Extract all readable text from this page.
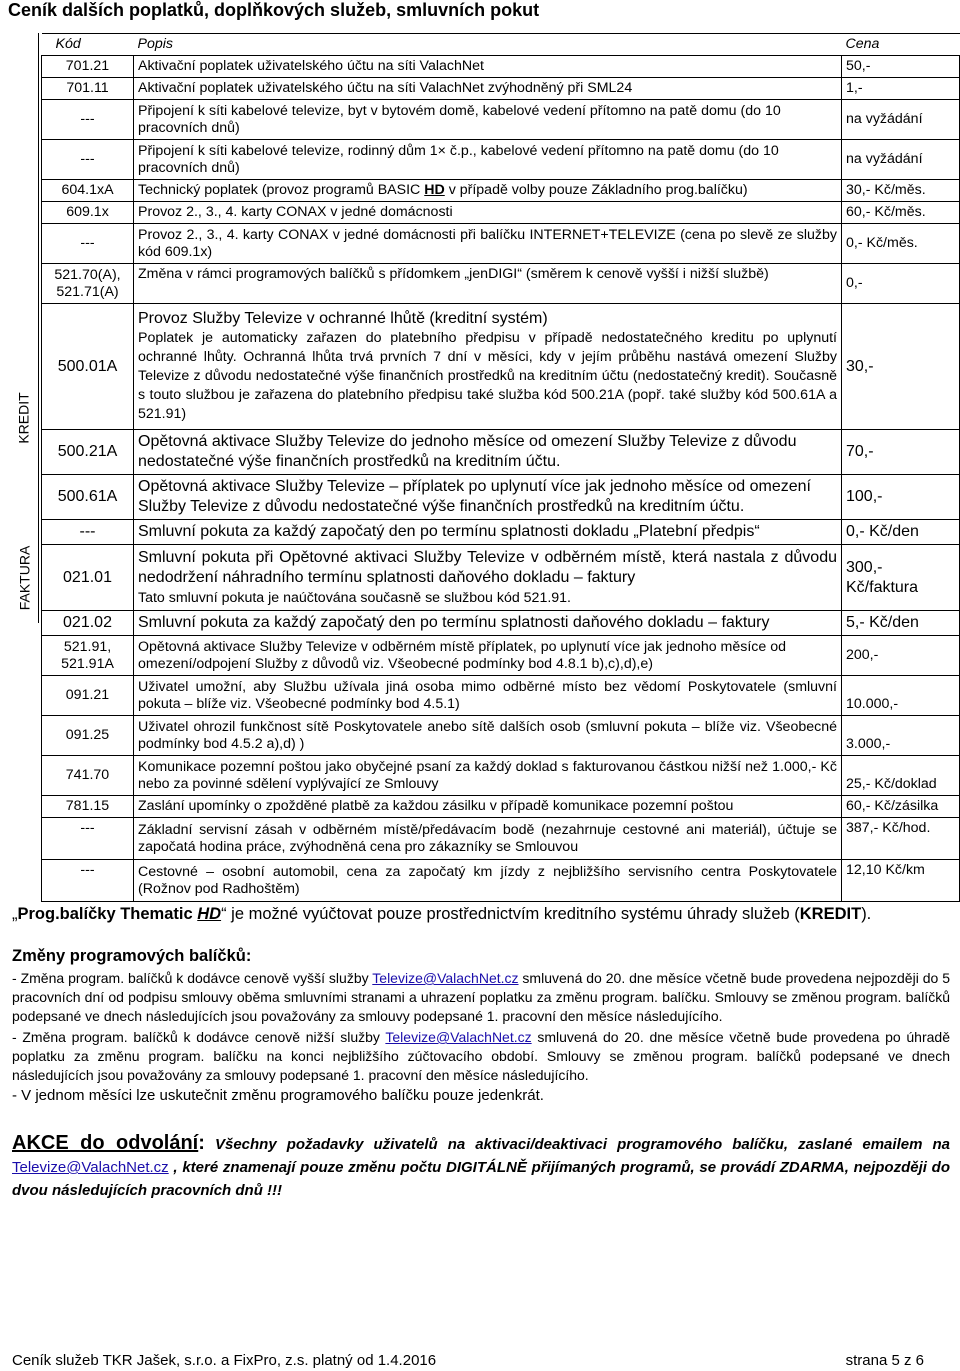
Ceník dalších poplatků, doplňkových služeb, smluvních pokut
KREDIT
FAKTURA
Kód	Popis	Cena
701.21	Aktivační poplatek uživatelského účtu na síti ValachNet	50,-
701.11	Aktivační poplatek uživatelského účtu na síti ValachNet zvýhodněný při SML24	1,-
---	Připojení k síti kabelové televize, byt v bytovém domě, kabelové vedení přítomno na patě domu (do 10 pracovních dnů)	na vyžádání
---	Připojení k síti kabelové televize, rodinný dům 1× č.p., kabelové vedení přítomno na patě domu (do 10 pracovních dnů)	na vyžádání
604.1xA	Technický poplatek (provoz programů BASIC HD v případě volby pouze Základního prog.balíčku)	30,- Kč/měs.
609.1x	Provoz 2., 3., 4. karty CONAX v jedné domácnosti	60,- Kč/měs.
---	Provoz 2., 3., 4. karty CONAX v jedné domácnosti při balíčku INTERNET+TELEVIZE (cena po slevě ze služby kód 609.1x)	0,- Kč/měs.
521.70(A), 521.71(A)	Změna v rámci programových balíčků s přídomkem „jenDIGI“ (směrem k cenově vyšší i nižší službě)	0,-
500.01A	Provoz Služby Televize v ochranné lhůtě (kreditní systém)

Poplatek je automaticky zařazen do platebního předpisu v případě nedostatečného kreditu po uplynutí ochranné lhůty. Ochranná lhůta trvá prvních 7 dní v měsíci, kdy v jejím průběhu nastává omezení Služby Televize z důvodu nedostatečné výše finančních prostředků na kreditním účtu (nedostatečný kredit). Současně s touto službou je zařazena do platebního předpisu také služba kód 500.21A (popř. také služby kód 500.61A a 521.91)	30,-
500.21A	Opětovná aktivace Služby Televize do jednoho měsíce od omezení Služby Televize z důvodu nedostatečné výše finančních prostředků na kreditním účtu.	70,-
500.61A	Opětovná aktivace Služby Televize – příplatek po uplynutí více jak jednoho měsíce od omezení Služby Televize z důvodu nedostatečné výše finančních prostředků na kreditním účtu.	100,-
---	Smluvní pokuta za každý započatý den po termínu splatnosti dokladu „Platební předpis“	0,- Kč/den
021.01	Smluvní pokuta při Opětovné aktivaci Služby Televize v odběrném místě, která nastala z důvodu nedodržení náhradního termínu splatnosti daňového dokladu – faktury

Tato smluvní pokuta je naúčtována současně se službou kód 521.91.	300,- Kč/faktura
021.02	Smluvní pokuta za každý započatý den po termínu splatnosti daňového dokladu – faktury	5,- Kč/den
521.91, 521.91A	Opětovná aktivace Služby Televize v odběrném místě příplatek, po uplynutí více jak jednoho měsíce od omezení/odpojení Služby z důvodů viz. Všeobecné podmínky bod 4.8.1 b),c),d),e)	200,-
091.21	Uživatel umožní, aby Službu užívala jiná osoba mimo odběrné místo bez vědomí Poskytovatele (smluvní pokuta – blíže viz. Všeobecné podmínky bod 4.5.1)	10.000,-
091.25	Uživatel ohrozil funkčnost sítě Poskytovatele anebo sítě dalších osob (smluvní pokuta – blíže viz. Všeobecné podmínky bod 4.5.2 a),d) )	3.000,-
741.70	Komunikace pozemní poštou jako obyčejné psaní za každý doklad s fakturovanou částkou nižší než 1.000,- Kč nebo za povinné sdělení vyplývající ze Smlouvy	25,- Kč/doklad
781.15	Zaslání upomínky o zpožděné platbě za každou zásilku v případě komunikace pozemní poštou	60,- Kč/zásilka
---	Základní servisní zásah v odběrném místě/předávacím bodě (nezahrnuje cestovné ani materiál), účtuje se započatá hodina práce, zvýhodněná cena pro zákazníky se Smlouvou	387,- Kč/hod.
---	Cestovné – osobní automobil, cena za započatý km jízdy z nejbližšího servisního centra Poskytovatele (Rožnov pod Radhoštěm)	12,10 Kč/km
„Prog.balíčky Thematic HD“ je možné vyúčtovat pouze prostřednictvím kreditního systému úhrady služeb (KREDIT).
Změny programových balíčků:
- Změna program. balíčků k dodávce cenově vyšší služby Televize@ValachNet.cz smluvená do 20. dne měsíce včetně bude provedena nejpozději do 5 pracovních dní od podpisu smlouvy oběma smluvními stranami a uhrazení poplatku za změnu program. balíčku. Smlouvy se změnou program. balíčků podepsané ve dnech následujících jsou považovány za smlouvy podepsané 1. pracovní den měsíce následujícího.
- Změna program. balíčků k dodávce cenově nižší služby Televize@ValachNet.cz smluvená do 20. dne měsíce včetně bude provedena po úhradě poplatku za změnu program. balíčku na konci nejbližšího zúčtovacího období. Smlouvy se změnou program. balíčků podepsané ve dnech následujících jsou považovány za smlouvy podepsané 1. pracovní den měsíce následujícího.
- V jednom měsíci lze uskutečnit změnu programového balíčku pouze jedenkrát.
AKCE do odvolání: Všechny požadavky uživatelů na aktivaci/deaktivaci programového balíčku, zaslané emailem na Televize@ValachNet.cz , které znamenají pouze změnu počtu DIGITÁLNĚ přijímaných programů, se provádí ZDARMA, nejpozději do dvou následujících pracovních dnů !!!
Ceník služeb TKR Jašek, s.r.o. a FixPro, z.s. platný od 1.4.2016	strana 5 z 6
